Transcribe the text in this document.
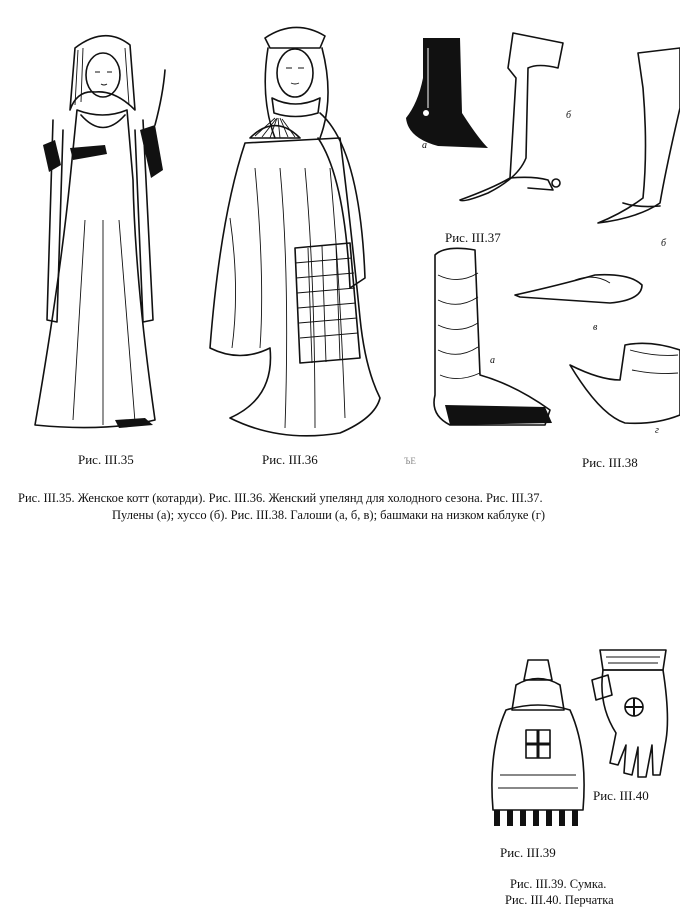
Рис. III.35	Рис. III.36
Рис. III.37
Рис. III.38
Рис. III.39
Рис. III.40
а
б
б
а
в
г
ЪЕ
Рис. III.35. Женское котт (котарди). Рис. III.36. Женский упелянд для холодного сезона. Рис. III.37.
Пулены (а); хуссо (б). Рис. III.38. Галоши (а, б, в); башмаки на низком каблуке (г)
Рис. III.39. Сумка.
Рис. III.40. Перчатка
